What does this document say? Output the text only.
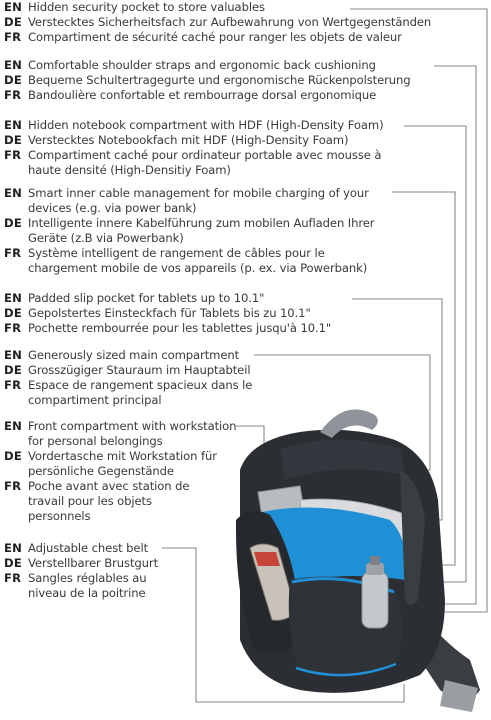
EN Hidden security pocket to store valuables
DE Verstecktes Sicherheitsfach zur Aufbewahrung von Wertgegenständen
FR Compartiment de sécurité caché pour ranger les objets de valeur
EN Comfortable shoulder straps and ergonomic back cushioning
DE Bequeme Schultertragegurte und ergonomische Rückenpolsterung
FR Bandoulière confortable et rembourrage dorsal ergonomique
EN Hidden notebook compartment with HDF (High-Density Foam)
DE Verstecktes Notebookfach mit HDF (High-Density Foam)
FR Compartiment caché pour ordinateur portable avec mousse à
haute densité (High-Densitiy Foam)
EN Smart inner cable management for mobile charging of your
devices (e.g. via power bank)
DE Intelligente innere Kabelführung zum mobilen Aufladen Ihrer
Geräte (z.B via Powerbank)
FR Système intelligent de rangement de câbles pour le
chargement mobile de vos appareils (p. ex. via Powerbank)
EN Padded slip pocket for tablets up to 10.1"
DE Gepolstertes Einsteckfach für Tablets bis zu 10.1"
FR Pochette rembourrée pour les tablettes jusqu'à 10.1"
EN Generously sized main compartment
DE Grosszügiger Stauraum im Hauptabteil
FR Espace de rangement spacieux dans le
compartiment principal
EN Front compartment with workstation
for personal belongings
DE Vordertasche mit Workstation für
persönliche Gegenstände
FR Poche avant avec station de
travail pour les objets
personnels
EN Adjustable chest belt
DE Verstellbarer Brustgurt
FR Sangles réglables au
niveau de la poitrine
